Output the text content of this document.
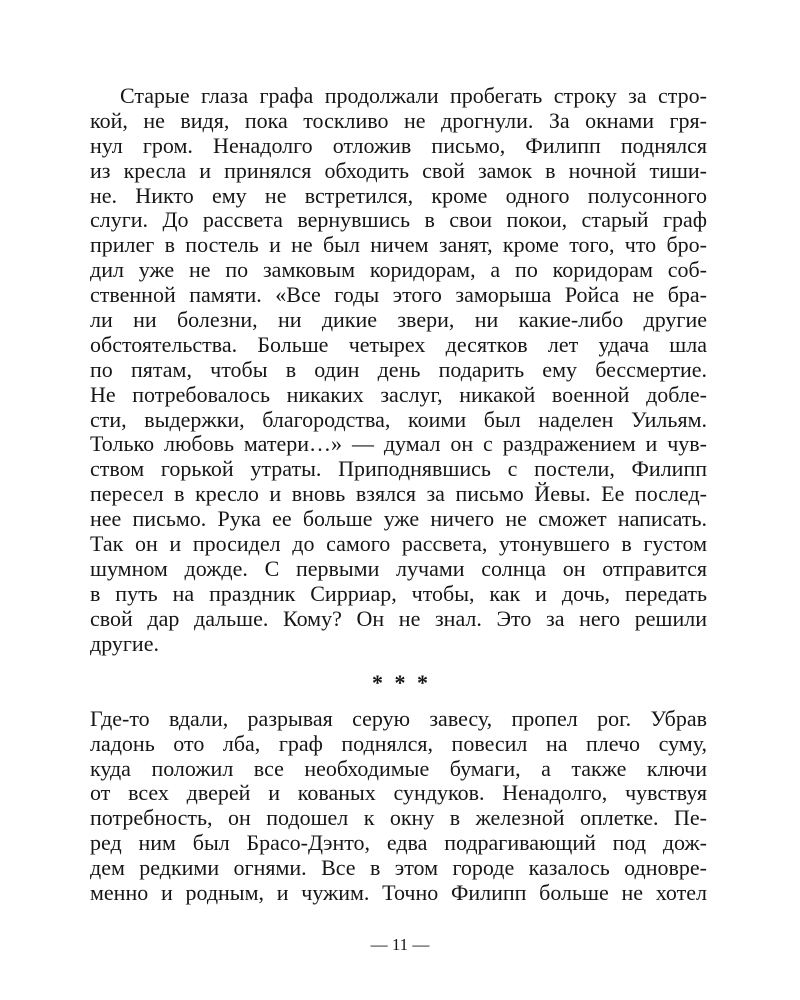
Старые глаза графа продолжали пробегать строку за стро-
кой, не видя, пока тоскливо не дрогнули. За окнами гря-
нул гром. Ненадолго отложив письмо, Филипп поднялся
из кресла и принялся обходить свой замок в ночной тиши-
не. Никто ему не встретился, кроме одного полусонного
слуги. До рассвета вернувшись в свои покои, старый граф
прилег в постель и не был ничем занят, кроме того, что бро-
дил уже не по замковым коридорам, а по коридорам соб-
ственной памяти. «Все годы этого заморыша Ройса не бра-
ли ни болезни, ни дикие звери, ни какие-либо другие
обстоятельства. Больше четырех десятков лет удача шла
по пятам, чтобы в один день подарить ему бессмертие.
Не потребовалось никаких заслуг, никакой военной добле-
сти, выдержки, благородства, коими был наделен Уильям.
Только любовь матери…» — думал он с раздражением и чув-
ством горькой утраты. Приподнявшись с постели, Филипп
пересел в кресло и вновь взялся за письмо Йевы. Ее послед-
нее письмо. Рука ее больше уже ничего не сможет написать.
Так он и просидел до самого рассвета, утонувшего в густом
шумном дожде. С первыми лучами солнца он отправится
в путь на праздник Сирриар, чтобы, как и дочь, передать
свой дар дальше. Кому? Он не знал. Это за него решили
другие.
* * *
Где-то вдали, разрывая серую завесу, пропел рог. Убрав
ладонь ото лба, граф поднялся, повесил на плечо суму,
куда положил все необходимые бумаги, а также ключи
от всех дверей и кованых сундуков. Ненадолго, чувствуя
потребность, он подошел к окну в железной оплетке. Пе-
ред ним был Брасо-Дэнто, едва подрагивающий под дож-
дем редкими огнями. Все в этом городе казалось одновре-
менно и родным, и чужим. Точно Филипп больше не хотел
— 11 —
